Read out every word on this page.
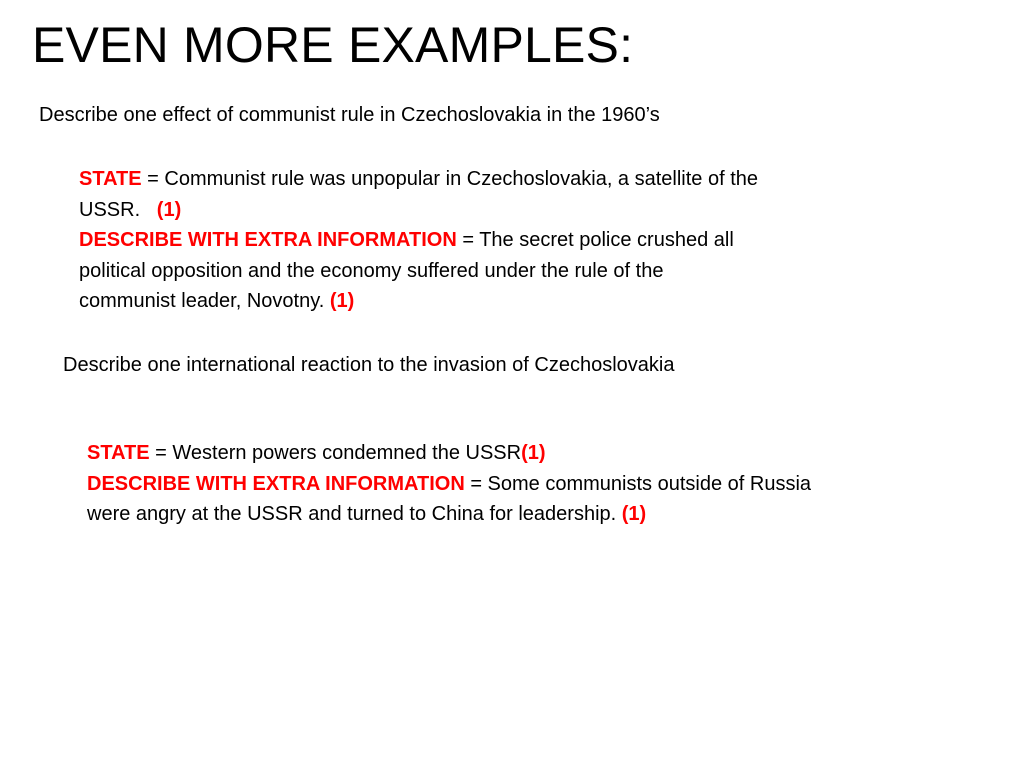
EVEN MORE EXAMPLES:
Describe one effect of communist rule in Czechoslovakia in the 1960’s
STATE = Communist rule was unpopular in Czechoslovakia, a satellite of the
USSR.   (1)
DESCRIBE WITH EXTRA INFORMATION = The secret police crushed all
political opposition and the economy suffered under the rule of the
communist leader, Novotny. (1)
Describe one international reaction to the invasion of Czechoslovakia
STATE = Western powers condemned the USSR(1)
DESCRIBE WITH EXTRA INFORMATION = Some communists outside of Russia
were angry at the USSR and turned to China for leadership. (1)
